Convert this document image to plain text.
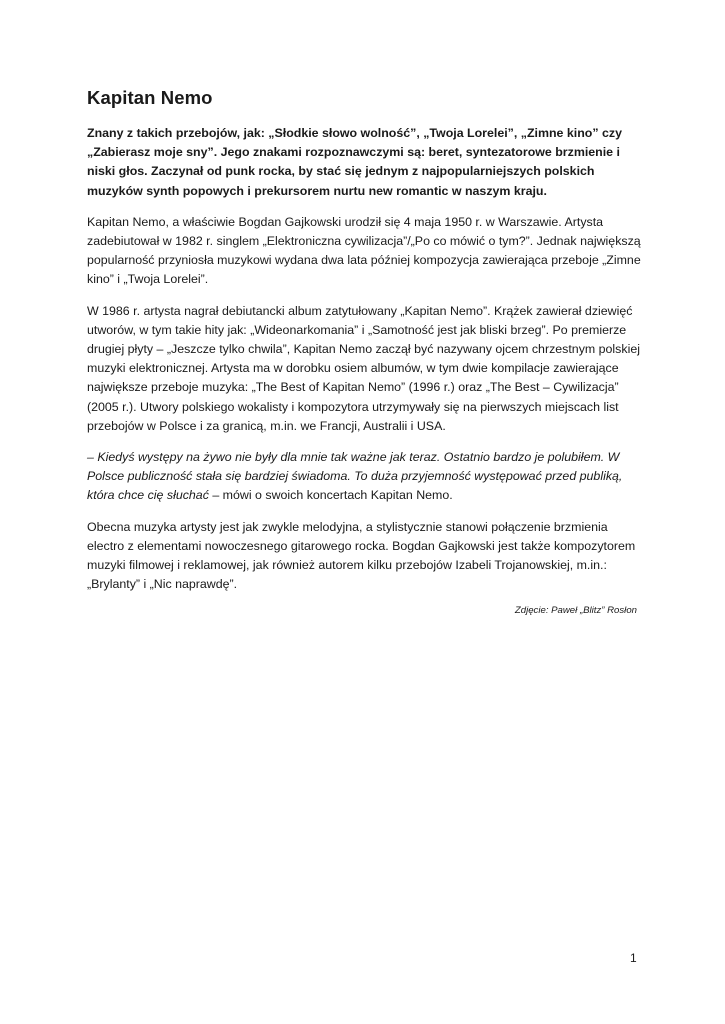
Kapitan Nemo

Znany z takich przebojów, jak: „Słodkie słowo wolność”, „Twoja Lorelei”, „Zimne kino” czy „Zabierasz moje sny”. Jego znakami rozpoznawczymi są: beret, syntezatorowe brzmienie i niski głos. Zaczynał od punk rocka, by stać się jednym z najpopularniejszych polskich muzyków synth popowych i prekursorem nurtu new romantic w naszym kraju.

Kapitan Nemo, a właściwie Bogdan Gajkowski urodził się 4 maja 1950 r. w Warszawie. Artysta zadebiutował w 1982 r. singlem „Elektroniczna cywilizacja”/„Po co mówić o tym?”. Jednak największą popularność przyniosła muzykowi wydana dwa lata później kompozycja zawierająca przeboje „Zimne kino” i „Twoja Lorelei”.

W 1986 r. artysta nagrał debiutancki album zatytułowany „Kapitan Nemo”. Krążek zawierał dziewięć utworów, w tym takie hity jak: „Wideonarkomania” i „Samotność jest jak bliski brzeg”. Po premierze drugiej płyty – „Jeszcze tylko chwila”, Kapitan Nemo zaczął być nazywany ojcem chrzestnym polskiej muzyki elektronicznej. Artysta ma w dorobku osiem albumów, w tym dwie kompilacje zawierające największe przeboje muzyka: „The Best of Kapitan Nemo” (1996 r.) oraz „The Best – Cywilizacja” (2005 r.). Utwory polskiego wokalisty i kompozytora utrzymywały się na pierwszych miejscach list przebojów w Polsce i za granicą, m.in. we Francji, Australii i USA.

– Kiedyś występy na żywo nie były dla mnie tak ważne jak teraz. Ostatnio bardzo je polubiłem. W Polsce publiczność stała się bardziej świadoma. To duża przyjemność występować przed publiką, która chce cię słuchać – mówi o swoich koncertach Kapitan Nemo.

Obecna muzyka artysty jest jak zwykle melodyjna, a stylistycznie stanowi połączenie brzmienia electro z elementami nowoczesnego gitarowego rocka. Bogdan Gajkowski jest także kompozytorem muzyki filmowej i reklamowej, jak również autorem kilku przebojów Izabeli Trojanowskiej, m.in.: „Brylanty” i „Nic naprawdę”.

Zdjęcie: Paweł „Blitz” Rosłon

1
